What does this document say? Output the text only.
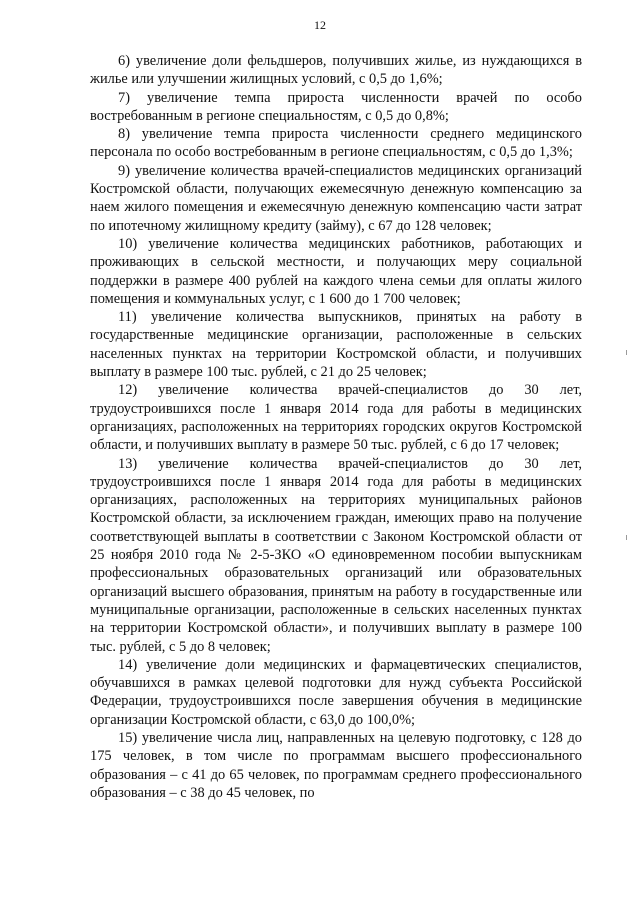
12

6) увеличение доли фельдшеров, получивших жилье, из нуждающихся в жилье или улучшении жилищных условий, с 0,5 до 1,6%;

7) увеличение темпа прироста численности врачей по особо востребованным в регионе специальностям, с 0,5 до 0,8%;

8) увеличение темпа прироста численности среднего медицинского персонала по особо востребованным в регионе специальностям, с 0,5 до 1,3%;

9) увеличение количества врачей-специалистов медицинских организаций Костромской области, получающих ежемесячную денежную компенсацию за наем жилого помещения и ежемесячную денежную компенсацию части затрат по ипотечному жилищному кредиту (займу), с 67 до 128 человек;

10) увеличение количества медицинских работников, работающих и проживающих в сельской местности, и получающих меру социальной поддержки в размере 400 рублей на каждого члена семьи для оплаты жилого помещения и коммунальных услуг, с 1 600 до 1 700 человек;

11) увеличение количества выпускников, принятых на работу в государственные медицинские организации, расположенные в сельских населенных пунктах на территории Костромской области, и получивших выплату в размере 100 тыс. рублей, с 21 до 25 человек;

12) увеличение количества врачей-специалистов до 30 лет, трудоустроившихся после 1 января 2014 года для работы в медицинских организациях, расположенных на территориях городских округов Костромской области, и получивших выплату в размере 50 тыс. рублей, с 6 до 17 человек;

13) увеличение количества врачей-специалистов до 30 лет, трудоустроившихся после 1 января 2014 года для работы в медицинских организациях, расположенных на территориях муниципальных районов Костромской области, за исключением граждан, имеющих право на получение соответствующей выплаты в соответствии с Законом Костромской области от 25 ноября 2010 года № 2-5-ЗКО «О единовременном пособии выпускникам профессиональных образовательных организаций или образовательных организаций высшего образования, принятым на работу в государственные или муниципальные организации, расположенные в сельских населенных пунктах на территории Костромской области», и получивших выплату в размере 100 тыс. рублей, с 5 до 8 человек;

14) увеличение доли медицинских и фармацевтических специалистов, обучавшихся в рамках целевой подготовки для нужд субъекта Российской Федерации, трудоустроившихся после завершения обучения в медицинские организации Костромской области, с 63,0 до 100,0%;

15) увеличение числа лиц, направленных на целевую подготовку, с 128 до 175 человек, в том числе по программам высшего профессионального образования – с 41 до 65 человек, по программам среднего профессионального образования – с 38 до 45 человек, по
